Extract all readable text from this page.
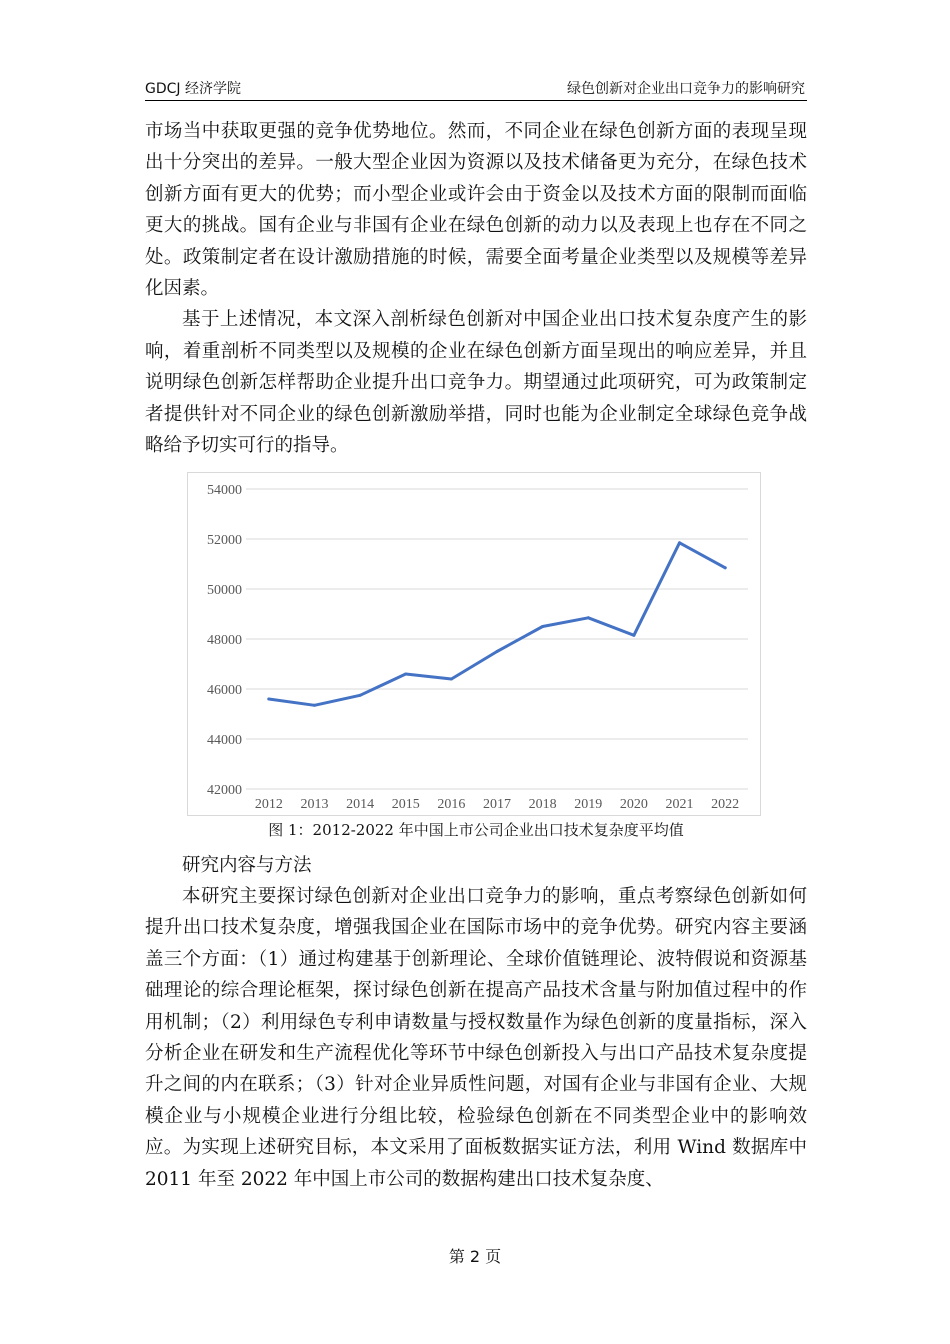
GDCJ 经济学院	绿色创新对企业出口竞争力的影响研究

市场当中获取更强的竞争优势地位。然而，不同企业在绿色创新方面的表现呈现出十分突出的差异。一般大型企业因为资源以及技术储备更为充分，在绿色技术创新方面有更大的优势；而小型企业或许会由于资金以及技术方面的限制而面临更大的挑战。国有企业与非国有企业在绿色创新的动力以及表现上也存在不同之处。政策制定者在设计激励措施的时候，需要全面考量企业类型以及规模等差异化因素。

基于上述情况，本文深入剖析绿色创新对中国企业出口技术复杂度产生的影响，着重剖析不同类型以及规模的企业在绿色创新方面呈现出的响应差异，并且说明绿色创新怎样帮助企业提升出口竞争力。期望通过此项研究，可为政策制定者提供针对不同企业的绿色创新激励举措，同时也能为企业制定全球绿色竞争战略给予切实可行的指导。

42000
44000
46000
48000
50000
52000
54000
2012 2013 2014 2015 2016 2017 2018 2019 2020 2021 2022
图 1：2012-2022 年中国上市公司企业出口技术复杂度平均值
研究内容与方法

本研究主要探讨绿色创新对企业出口竞争力的影响，重点考察绿色创新如何提升出口技术复杂度，增强我国企业在国际市场中的竞争优势。研究内容主要涵盖三个方面：（1）通过构建基于创新理论、全球价值链理论、波特假说和资源基础理论的综合理论框架，探讨绿色创新在提高产品技术含量与附加值过程中的作用机制；（2）利用绿色专利申请数量与授权数量作为绿色创新的度量指标，深入分析企业在研发和生产流程优化等环节中绿色创新投入与出口产品技术复杂度提升之间的内在联系；（3）针对企业异质性问题，对国有企业与非国有企业、大规模企业与小规模企业进行分组比较，检验绿色创新在不同类型企业中的影响效应。为实现上述研究目标，本文采用了面板数据实证方法，利用 Wind 数据库中 2011 年至 2022 年中国上市公司的数据构建出口技术复杂度、

第 2 页
